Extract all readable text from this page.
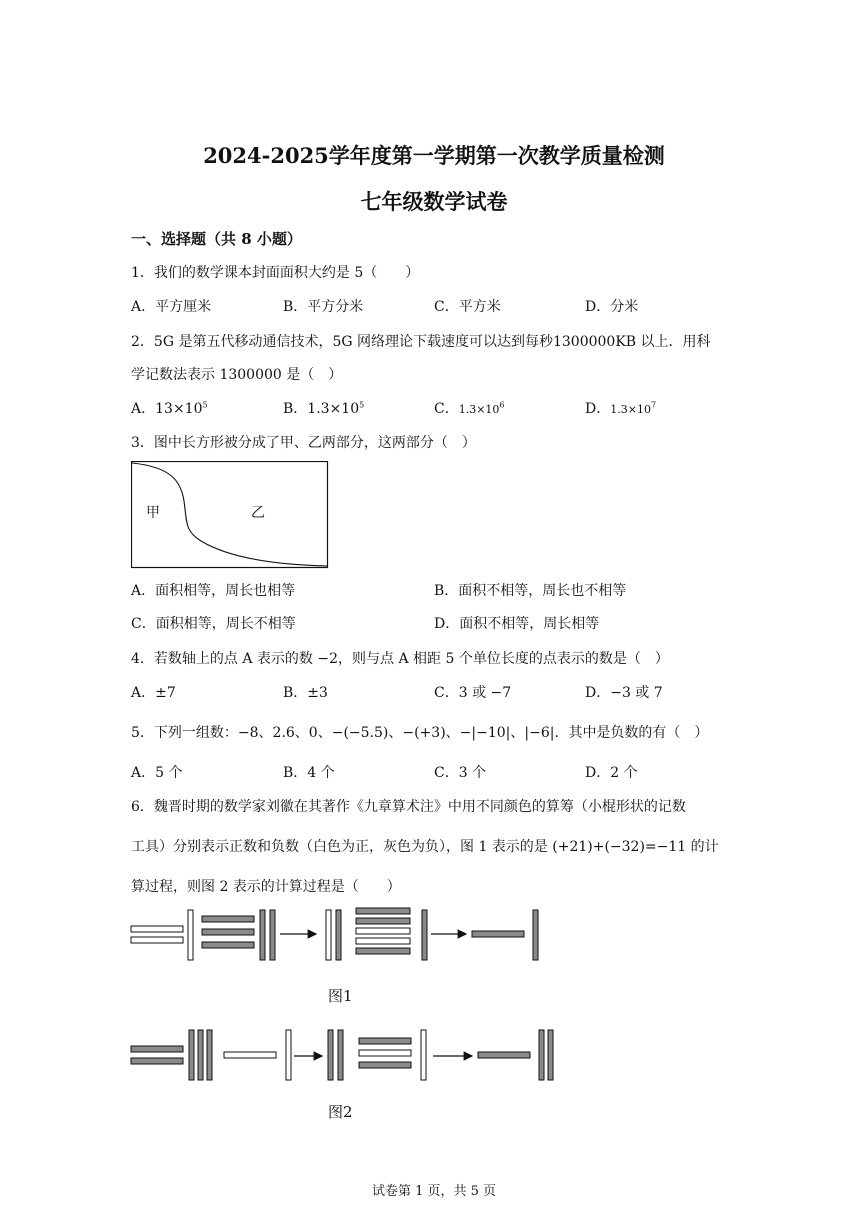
2024-2025学年度第一学期第一次教学质量检测
七年级数学试卷
一、选择题（共 8 小题）
1．我们的数学课本封面面积大约是 5（　　）
A．平方厘米	B．平方分米	C．平方米	D．分米
2．5G 是第五代移动通信技术，5G 网络理论下载速度可以达到每秒1300000KB 以上．用科
学记数法表示 1300000 是（　）
A．$13\times 10^5$	B．$1.3\times 10^5$	C．$1.3\times 10^6$	D．$1.3\times 10^7$
3．图中长方形被分成了甲、乙两部分，这两部分（　）
甲	乙
A．面积相等，周长也相等	B．面积不相等，周长也不相等
C．面积相等，周长不相等	D．面积不相等，周长相等
4．若数轴上的点 A 表示的数 −2，则与点 A 相距 5 个单位长度的点表示的数是（　）
A．±7	B．±3	C．3 或 −7	D．−3 或 7
5．下列一组数：−8、2.6、0、−(−5.5)、−(+3)、−|−10|、|−6|．其中是负数的有（　）
A．5 个	B．4 个	C．3 个	D．2 个
6．魏晋时期的数学家刘徽在其著作《九章算术注》中用不同颜色的算筹（小棍形状的记数
工具）分别表示正数和负数（白色为正，灰色为负），图 1 表示的是 (+21)+(−32)=−11 的计
算过程，则图 2 表示的计算过程是（　　）
图1
图2
试卷第 1 页，共 5 页
